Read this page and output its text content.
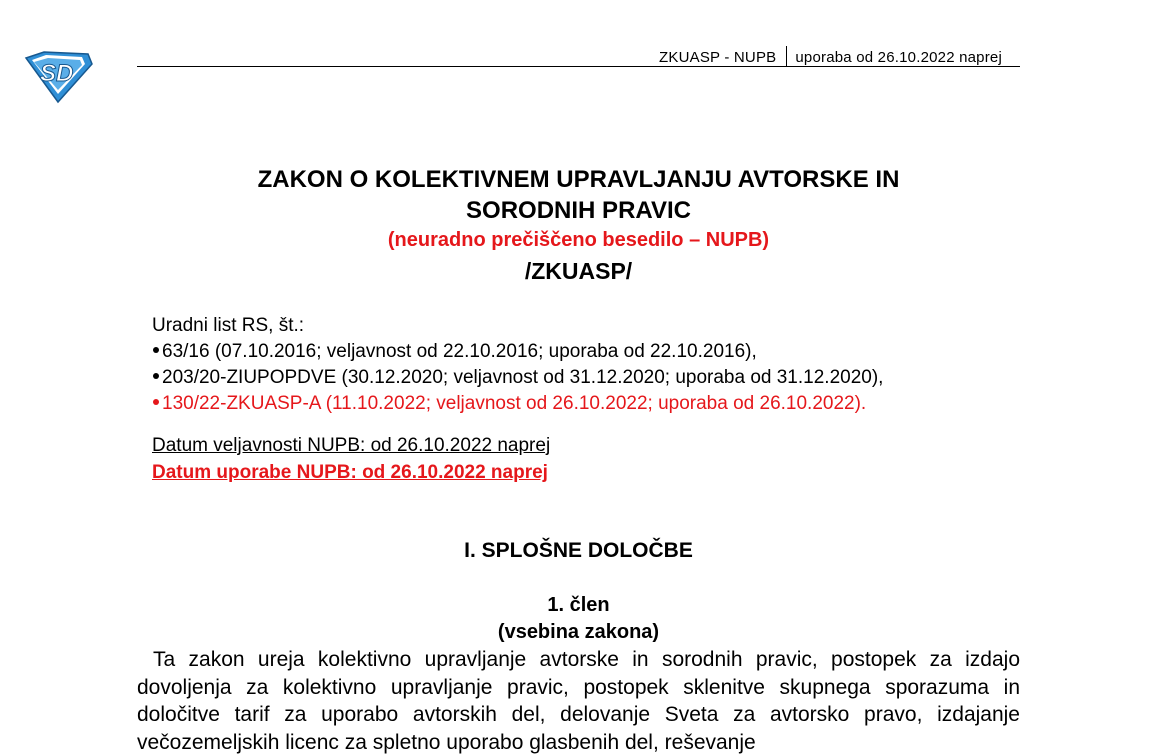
SD
ZKUASP - NUPB uporaba od 26.10.2022 naprej
ZAKON O KOLEKTIVNEM UPRAVLJANJU AVTORSKE IN
SORODNIH PRAVIC
(neuradno prečiščeno besedilo – NUPB)
/ZKUASP/
Uradni list RS, št.:
63/16 (07.10.2016; veljavnost od 22.10.2016; uporaba od 22.10.2016),
203/20-ZIUPOPDVE (30.12.2020; veljavnost od 31.12.2020; uporaba od 31.12.2020),
130/22-ZKUASP-A (11.10.2022; veljavnost od 26.10.2022; uporaba od 26.10.2022).
Datum veljavnosti NUPB: od 26.10.2022 naprej
Datum uporabe NUPB: od 26.10.2022 naprej
I. SPLOŠNE DOLOČBE
1. člen
(vsebina zakona)
Ta zakon ureja kolektivno upravljanje avtorske in sorodnih pravic, postopek za izdajo dovoljenja za kolektivno upravljanje pravic, postopek sklenitve skupnega sporazuma in določitve tarif za uporabo avtorskih del, delovanje Sveta za avtorsko pravo, izdajanje večozemeljskih licenc za spletno uporabo glasbenih del, reševanje
